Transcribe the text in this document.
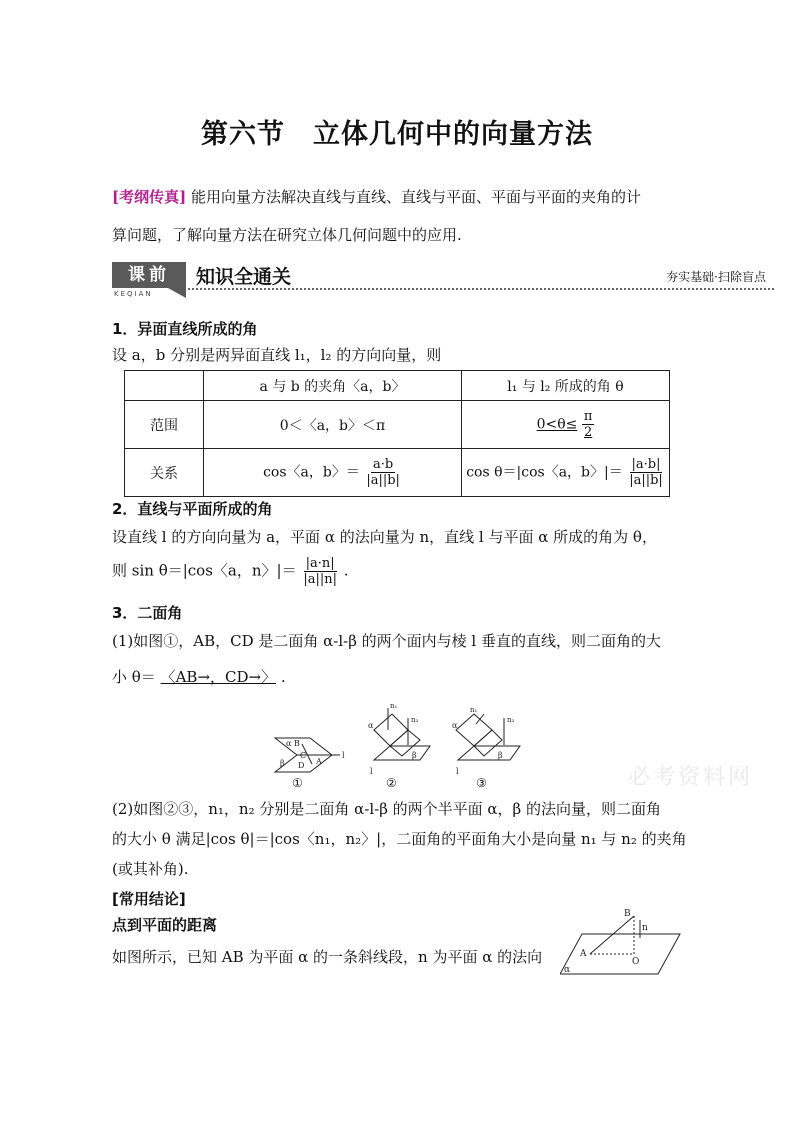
第六节　立体几何中的向量方法
[考纲传真] 能用向量方法解决直线与直线、直线与平面、平面与平面的夹角的计
算问题，了解向量方法在研究立体几何问题中的应用.
课前
KEQIAN
知识全通关	夯实基础·扫除盲点
1．异面直线所成的角
设 a，b 分别是两异面直线 l₁，l₂ 的方向向量，则
	a 与 b 的夹角〈a，b〉	l₁ 与 l₂ 所成的角 θ
范围	0＜〈a，b〉＜π	$0<\theta\le \frac{\pi}{2}$

关系	cos〈a，b〉＝ $\frac{a\cdot b}{|a||b|}$	cos θ＝|cos〈a，b〉|＝ $\frac{|a\cdot b|}{|a||b|}$
2．直线与平面所成的角
设直线 l 的方向向量为 a，平面 α 的法向量为 n，直线 l 与平面 α 所成的角为 θ，
则 sin θ＝|cos〈a，n〉|＝ $\frac{|a\cdot n|}{|a||n|}$ .
3．二面角
(1)如图①，AB，CD 是二面角 α-l-β 的两个面内与棱 l 垂直的直线，则二面角的大
小 θ＝ 〈AB→，CD→〉 .
α B
C
β D A
l
n₁
n₂
α
β
l
n₁
n₂
α
β
l
①	②	③	必考资料网
(2)如图②③，n₁，n₂ 分别是二面角 α-l-β 的两个半平面 α，β 的法向量，则二面角
的大小 θ 满足|cos θ|＝|cos〈n₁，n₂〉|，二面角的平面角大小是向量 n₁ 与 n₂ 的夹角
(或其补角).
[常用结论]
点到平面的距离
如图所示，已知 AB 为平面 α 的一条斜线段，n 为平面 α 的法向
B
n
A
O
α
